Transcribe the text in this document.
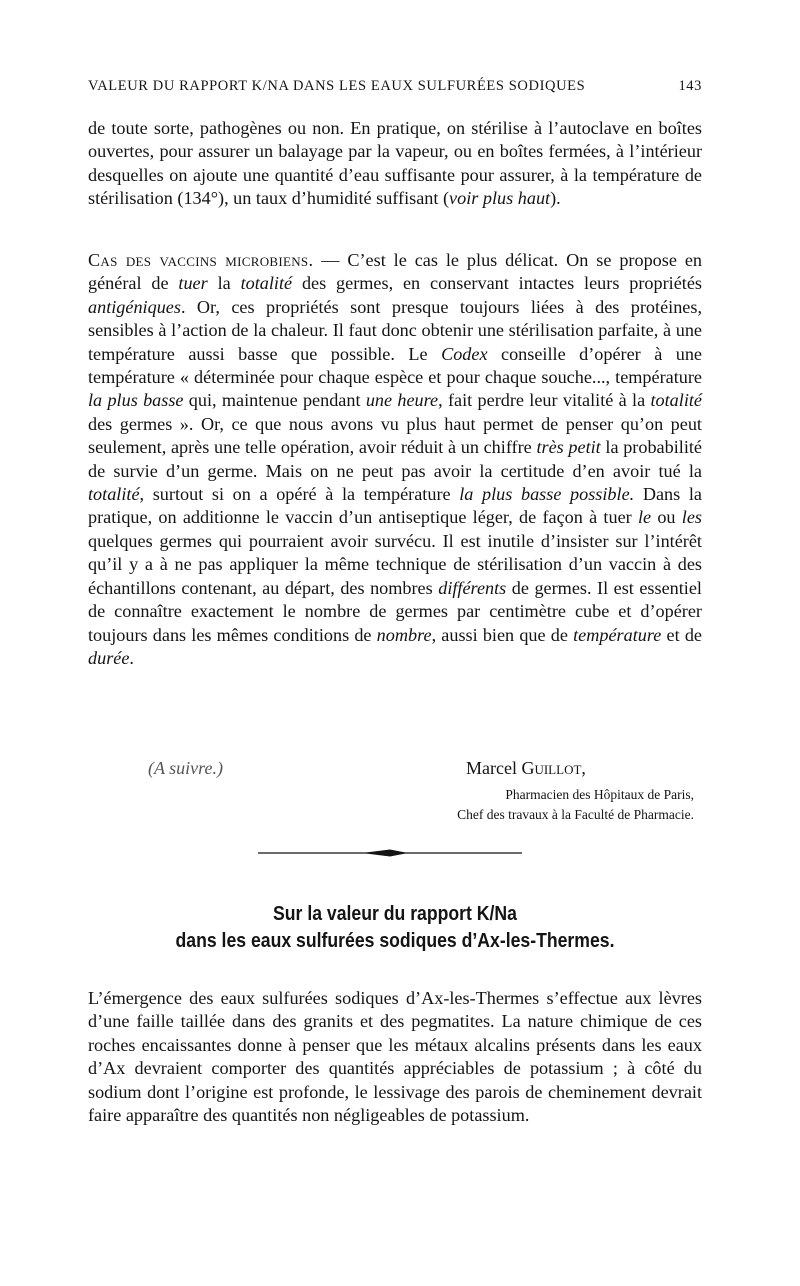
VALEUR DU RAPPORT K/NA DANS LES EAUX SULFURÉES SODIQUES	143

de toute sorte, pathogènes ou non. En pratique, on stérilise à l’autoclave en boîtes ouvertes, pour assurer un balayage par la vapeur, ou en boîtes fermées, à l’intérieur desquelles on ajoute une quantité d’eau suffisante pour assurer, à la température de stérilisation (134°), un taux d’humidité suffisant (voir plus haut).

Cas des vaccins microbiens. — C’est le cas le plus délicat. On se propose en général de tuer la totalité des germes, en conservant intactes leurs propriétés antigéniques. Or, ces propriétés sont presque toujours liées à des protéines, sensibles à l’action de la chaleur. Il faut donc obtenir une stérilisation parfaite, à une température aussi basse que possible. Le Codex conseille d’opérer à une température « déterminée pour chaque espèce et pour chaque souche..., température la plus basse qui, maintenue pendant une heure, fait perdre leur vitalité à la totalité des germes ». Or, ce que nous avons vu plus haut permet de penser qu’on peut seulement, après une telle opération, avoir réduit à un chiffre très petit la probabilité de survie d’un germe. Mais on ne peut pas avoir la certitude d’en avoir tué la totalité, surtout si on a opéré à la température la plus basse possible. Dans la pratique, on additionne le vaccin d’un antiseptique léger, de façon à tuer le ou les quelques germes qui pourraient avoir survécu. Il est inutile d’insister sur l’intérêt qu’il y a à ne pas appliquer la même technique de stérilisation d’un vaccin à des échantillons contenant, au départ, des nombres différents de germes. Il est essentiel de connaître exactement le nombre de germes par centimètre cube et d’opérer toujours dans les mêmes conditions de nombre, aussi bien que de température et de durée.

(A suivre.)	Marcel Guillot,
Pharmacien des Hôpitaux de Paris,
Chef des travaux à la Faculté de Pharmacie.
Sur la valeur du rapport K/Na
dans les eaux sulfurées sodiques d’Ax-les-Thermes.

L’émergence des eaux sulfurées sodiques d’Ax-les-Thermes s’effectue aux lèvres d’une faille taillée dans des granits et des pegmatites. La nature chimique de ces roches encaissantes donne à penser que les métaux alcalins présents dans les eaux d’Ax devraient comporter des quantités appréciables de potassium ; à côté du sodium dont l’origine est profonde, le lessivage des parois de cheminement devrait faire apparaître des quantités non négligeables de potassium.
